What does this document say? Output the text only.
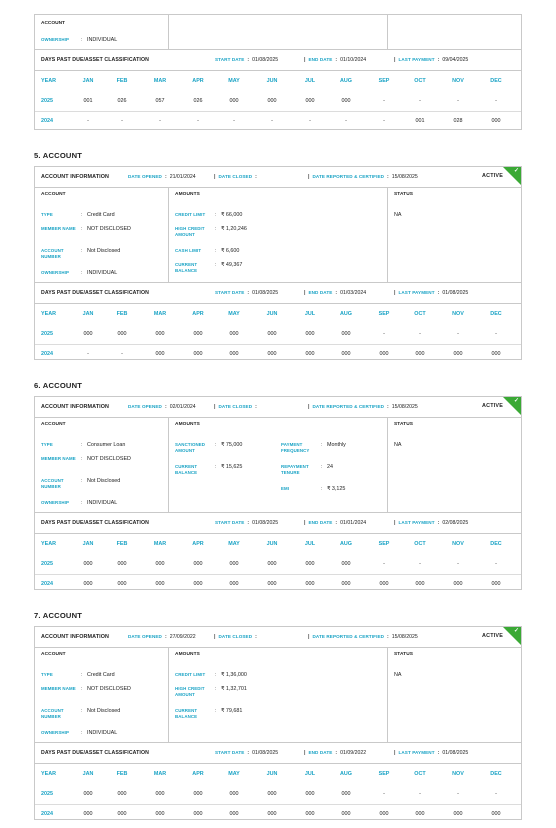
ACCOUNT
OWNERSHIP	: INDIVIDUAL
DAYS PAST DUE/ASSET CLASSIFICATION	START DATE : 01/08/2025	| END DATE : 01/10/2024	| LAST PAYMENT : 09/04/2025
YEAR	JAN	FEB	MAR	APR	MAY	JUN	JUL	AUG	SEP	OCT	NOV	DEC
2025	001	026	057	026	000	000	000	000	-	-	-	-
2024	-	-	-	-	-	-	-	-	-	001	028	000
5. ACCOUNT
ACCOUNT INFORMATION	DATE OPENED : 21/01/2024	| DATE CLOSED :	| DATE REPORTED & CERTIFIED : 15/08/2025	ACTIVE
✓
ACCOUNT
TYPE	: Credit Card
MEMBER NAME	: NOT DISCLOSED
ACCOUNT NUMBER
: Not Disclosed
OWNERSHIP	: INDIVIDUAL
AMOUNTS
CREDIT LIMIT	: ₹ 66,000
HIGH CREDIT AMOUNT
: ₹ 1,20,246
CASH LIMIT	: ₹ 6,600
CURRENT BALANCE
: ₹ 49,367
STATUS
NA
DAYS PAST DUE/ASSET CLASSIFICATION	START DATE : 01/08/2025	| END DATE : 01/03/2024	| LAST PAYMENT : 01/08/2025
YEAR	JAN	FEB	MAR	APR	MAY	JUN	JUL	AUG	SEP	OCT	NOV	DEC
2025	000	000	000	000	000	000	000	000	-	-	-	-
2024	-	-	000	000	000	000	000	000	000	000	000	000
6. ACCOUNT
ACCOUNT INFORMATION	DATE OPENED : 02/01/2024	| DATE CLOSED :	| DATE REPORTED & CERTIFIED : 15/08/2025	ACTIVE
✓
ACCOUNT
TYPE	: Consumer Loan
MEMBER NAME	: NOT DISCLOSED
ACCOUNT NUMBER
: Not Disclosed
OWNERSHIP	: INDIVIDUAL
AMOUNTS
SANCTIONED AMOUNT
: ₹ 75,000
CURRENT BALANCE
: ₹ 15,625
PAYMENT FREQUENCY
: Monthly
REPAYMENT TENURE
: 24
EMI	: ₹ 3,125
STATUS
NA
DAYS PAST DUE/ASSET CLASSIFICATION	START DATE : 01/08/2025	| END DATE : 01/01/2024	| LAST PAYMENT : 02/08/2025
YEAR	JAN	FEB	MAR	APR	MAY	JUN	JUL	AUG	SEP	OCT	NOV	DEC
2025	000	000	000	000	000	000	000	000	-	-	-	-
2024	000	000	000	000	000	000	000	000	000	000	000	000
7. ACCOUNT
ACCOUNT INFORMATION	DATE OPENED : 27/09/2022	| DATE CLOSED :	| DATE REPORTED & CERTIFIED : 15/08/2025	ACTIVE
✓
ACCOUNT
TYPE	: Credit Card
MEMBER NAME	: NOT DISCLOSED
ACCOUNT NUMBER
: Not Disclosed
OWNERSHIP	: INDIVIDUAL
AMOUNTS
CREDIT LIMIT	: ₹ 1,36,000
HIGH CREDIT AMOUNT
: ₹ 1,32,701
CURRENT BALANCE
: ₹ 79,681
STATUS
NA
DAYS PAST DUE/ASSET CLASSIFICATION	START DATE : 01/08/2025	| END DATE : 01/09/2022	| LAST PAYMENT : 01/08/2025
YEAR	JAN	FEB	MAR	APR	MAY	JUN	JUL	AUG	SEP	OCT	NOV	DEC
2025	000	000	000	000	000	000	000	000	-	-	-	-
2024	000	000	000	000	000	000	000	000	000	000	000	000
